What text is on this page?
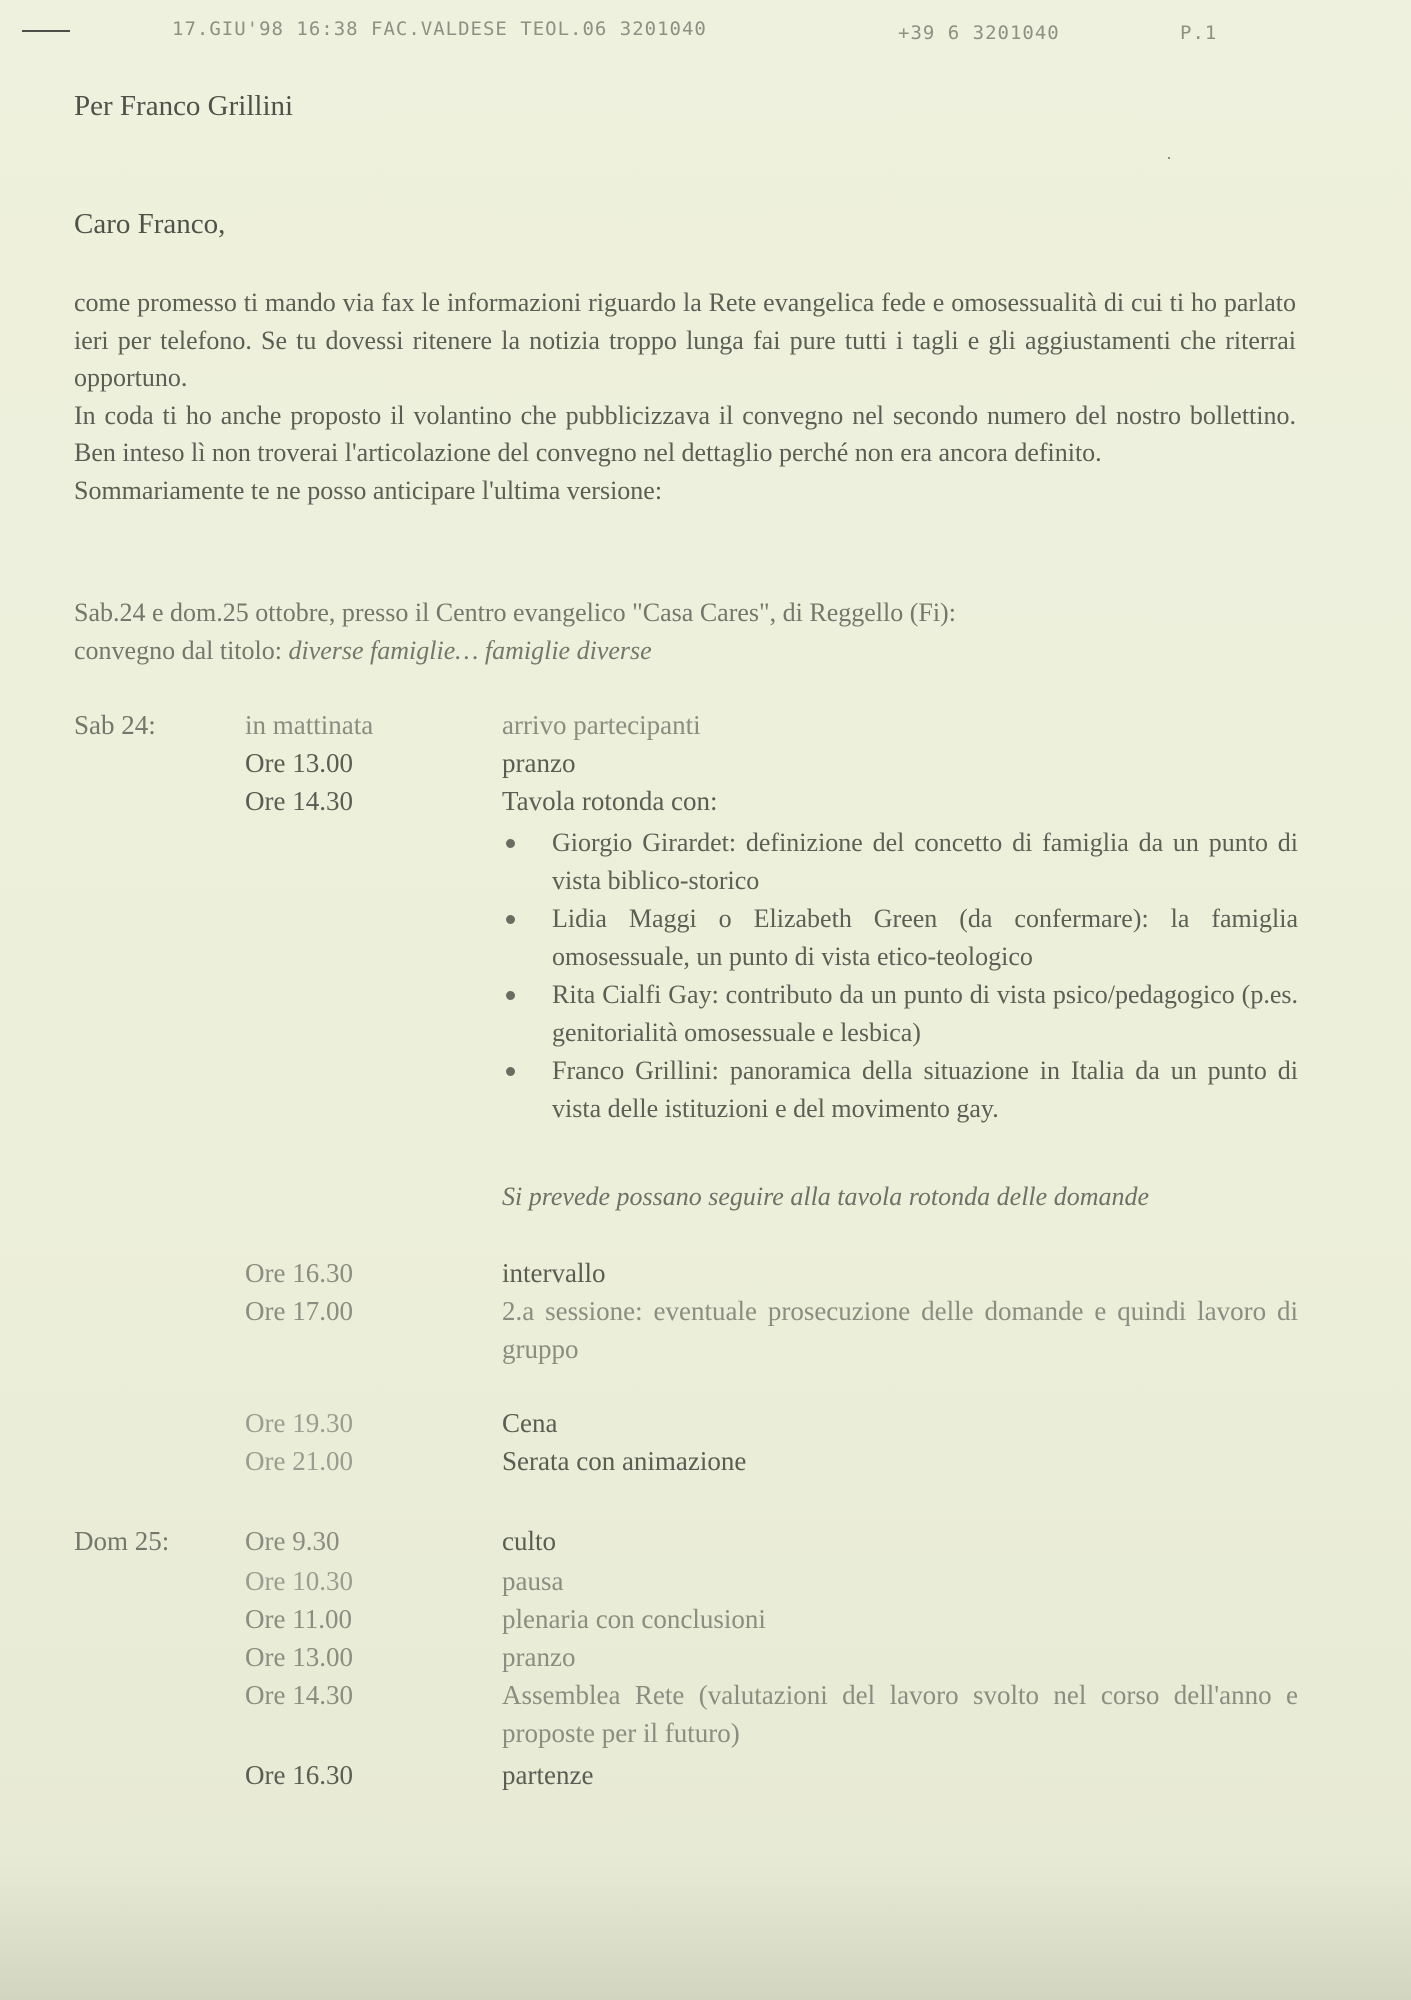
17.GIU'98 16:38 FAC.VALDESE TEOL.06 3201040	+39 6 3201040	P.1
Per Franco Grillini
Caro Franco,

come promesso ti mando via fax le informazioni riguardo la Rete evangelica fede e omosessualità di cui ti ho parlato ieri per telefono. Se tu dovessi ritenere la notizia troppo lunga fai pure tutti i tagli e gli aggiustamenti che riterrai opportuno.

In coda ti ho anche proposto il volantino che pubblicizzava il convegno nel secondo numero del nostro bollettino. Ben inteso lì non troverai l'articolazione del convegno nel dettaglio perché non era ancora definito.

Sommariamente te ne posso anticipare l'ultima versione:

Sab.24 e dom.25 ottobre, presso il Centro evangelico "Casa Cares", di Reggello (Fi):

convegno dal titolo: diverse famiglie… famiglie diverse

Sab 24:	in mattinata	arrivo partecipanti
Ore 13.00	pranzo
Ore 14.30	Tavola rotonda con:
Giorgio Girardet: definizione del concetto di famiglia da un punto di vista biblico-storico
Lidia Maggi o Elizabeth Green (da confermare): la famiglia omosessuale, un punto di vista etico-teologico
Rita Cialfi Gay: contributo da un punto di vista psico/pedagogico (p.es. genitorialità omosessuale e lesbica)
Franco Grillini: panoramica della situazione in Italia da un punto di vista delle istituzioni e del movimento gay.
Si prevede possano seguire alla tavola rotonda delle domande
Ore 16.30	intervallo
Ore 17.00	2.a sessione: eventuale prosecuzione delle domande e quindi lavoro di gruppo
Ore 19.30	Cena
Ore 21.00	Serata con animazione
Dom 25:	Ore 9.30	culto
Ore 10.30	pausa
Ore 11.00	plenaria con conclusioni
Ore 13.00	pranzo
Ore 14.30	Assemblea Rete (valutazioni del lavoro svolto nel corso dell'anno e proposte per il futuro)
Ore 16.30	partenze
